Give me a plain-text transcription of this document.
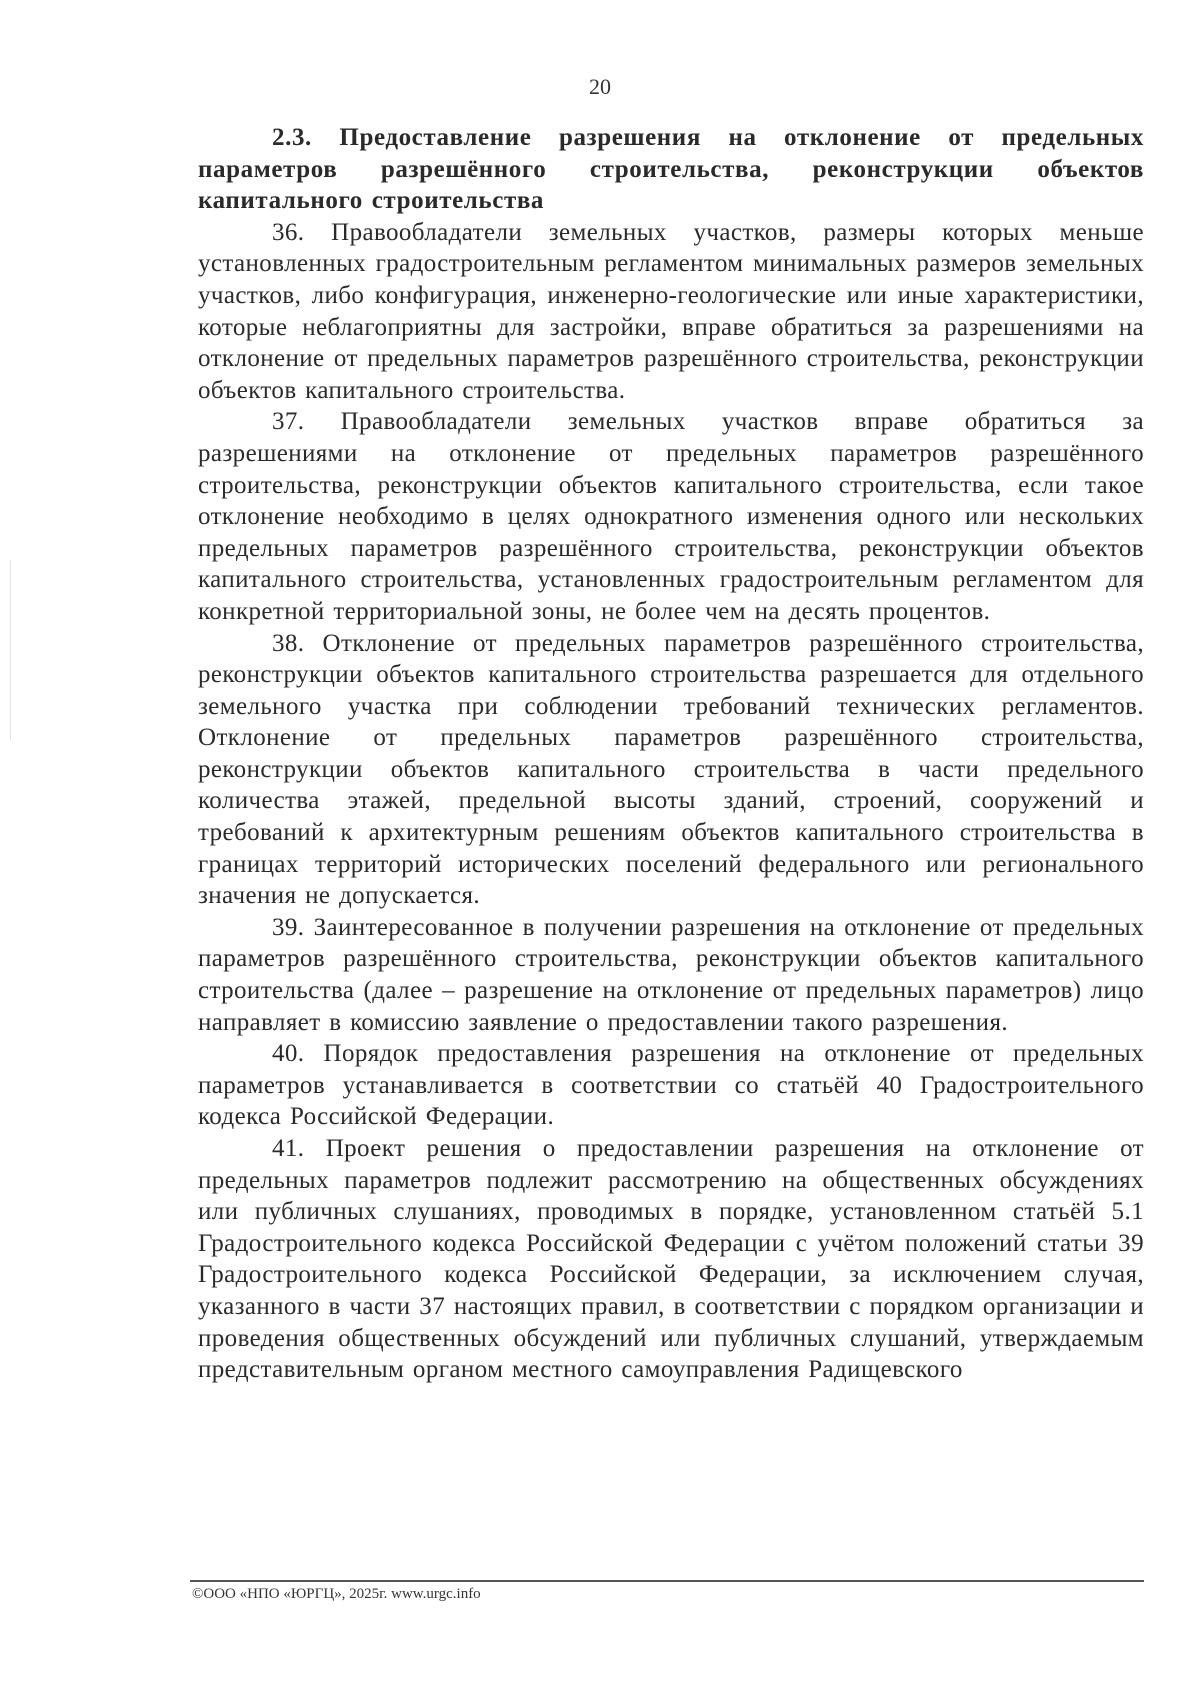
20

2.3. Предоставление разрешения на отклонение от предельных параметров разрешённого строительства, реконструкции объектов капитального строительства

36. Правообладатели земельных участков, размеры которых меньше установленных градостроительным регламентом минимальных размеров земельных участков, либо конфигурация, инженерно-геологические или иные характеристики, которые неблагоприятны для застройки, вправе обратиться за разрешениями на отклонение от предельных параметров разрешённого строительства, реконструкции объектов капитального строительства.

37. Правообладатели земельных участков вправе обратиться за разрешениями на отклонение от предельных параметров разрешённого строительства, реконструкции объектов капитального строительства, если такое отклонение необходимо в целях однократного изменения одного или нескольких предельных параметров разрешённого строительства, реконструкции объектов капитального строительства, установленных градостроительным регламентом для конкретной территориальной зоны, не более чем на десять процентов.

38. Отклонение от предельных параметров разрешённого строительства, реконструкции объектов капитального строительства разрешается для отдельного земельного участка при соблюдении требований технических регламентов. Отклонение от предельных параметров разрешённого строительства, реконструкции объектов капитального строительства в части предельного количества этажей, предельной высоты зданий, строений, сооружений и требований к архитектурным решениям объектов капитального строительства в границах территорий исторических поселений федерального или регионального значения не допускается.

39. Заинтересованное в получении разрешения на отклонение от предельных параметров разрешённого строительства, реконструкции объектов капитального строительства (далее – разрешение на отклонение от предельных параметров) лицо направляет в комиссию заявление о предоставлении такого разрешения.

40. Порядок предоставления разрешения на отклонение от предельных параметров устанавливается в соответствии со статьёй 40 Градостроительного кодекса Российской Федерации.

41. Проект решения о предоставлении разрешения на отклонение от предельных параметров подлежит рассмотрению на общественных обсуждениях или публичных слушаниях, проводимых в порядке, установленном статьёй 5.1 Градостроительного кодекса Российской Федерации с учётом положений статьи 39 Градостроительного кодекса Российской Федерации, за исключением случая, указанного в части 37 настоящих правил, в соответствии с порядком организации и проведения общественных обсуждений или публичных слушаний, утверждаемым представительным органом местного самоуправления Радищевского

©ООО «НПО «ЮРГЦ», 2025г. www.urgc.info
